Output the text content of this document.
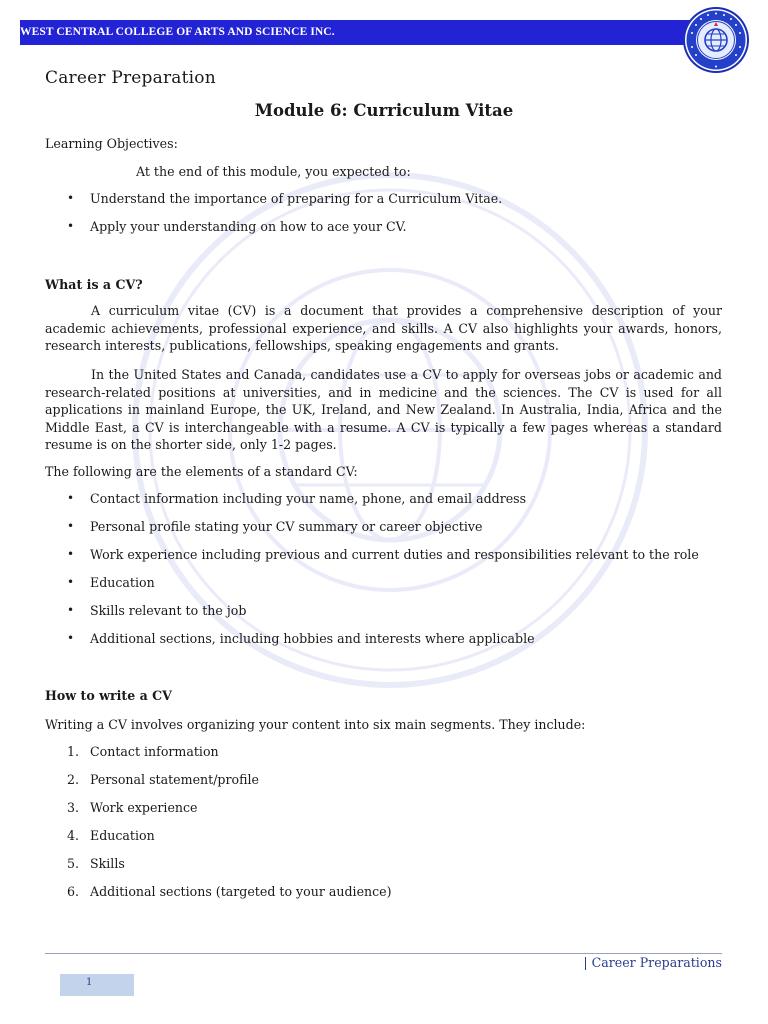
WEST CENTRAL COLLEGE OF ARTS AND SCIENCE INC.
Career Preparation
Module 6: Curriculum Vitae
Learning Objectives:
At the end of this module, you expected to:
• Understand the importance of preparing for a Curriculum Vitae.
• Apply your understanding on how to ace your CV.
What is a CV?
A curriculum vitae (CV) is a document that provides a comprehensive description of your academic achievements, professional experience, and skills. A CV also highlights your awards, honors, research interests, publications, fellowships, speaking engagements and grants.
In the United States and Canada, candidates use a CV to apply for overseas jobs or academic and research-related positions at universities, and in medicine and the sciences. The CV is used for all applications in mainland Europe, the UK, Ireland, and New Zealand. In Australia, India, Africa and the Middle East, a CV is interchangeable with a resume. A CV is typically a few pages whereas a standard resume is on the shorter side, only 1-2 pages.
The following are the elements of a standard CV:
• Contact information including your name, phone, and email address
• Personal profile stating your CV summary or career objective
• Work experience including previous and current duties and responsibilities relevant to the role
• Education
• Skills relevant to the job
• Additional sections, including hobbies and interests where applicable
How to write a CV
Writing a CV involves organizing your content into six main segments. They include:
1. Contact information
2. Personal statement/profile
3. Work experience
4. Education
5. Skills
6. Additional sections (targeted to your audience)
| Career Preparations
1
